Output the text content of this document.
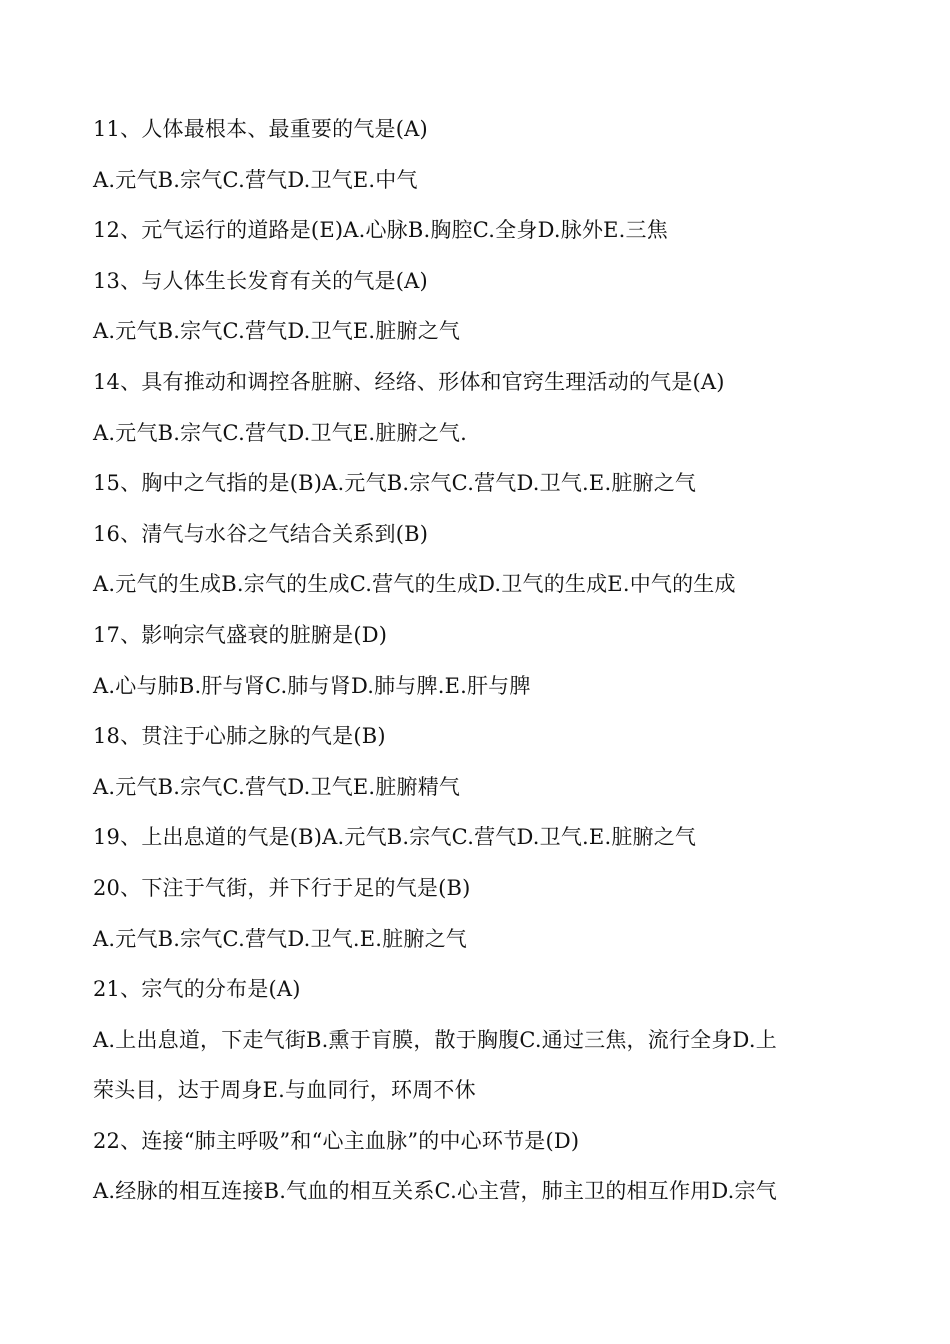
11、人体最根本、最重要的气是(A)
A.元气B.宗气C.营气D.卫气E.中气
12、元气运行的道路是(E)A.心脉B.胸腔C.全身D.脉外E.三焦
13、与人体生长发育有关的气是(A)
A.元气B.宗气C.营气D.卫气E.脏腑之气
14、具有推动和调控各脏腑、经络、形体和官窍生理活动的气是(A)
A.元气B.宗气C.营气D.卫气E.脏腑之气.
15、胸中之气指的是(B)A.元气B.宗气C.营气D.卫气.E.脏腑之气
16、清气与水谷之气结合关系到(B)
A.元气的生成B.宗气的生成C.营气的生成D.卫气的生成E.中气的生成
17、影响宗气盛衰的脏腑是(D)
A.心与肺B.肝与肾C.肺与肾D.肺与脾.E.肝与脾
18、贯注于心肺之脉的气是(B)
A.元气B.宗气C.营气D.卫气E.脏腑精气
19、上出息道的气是(B)A.元气B.宗气C.营气D.卫气.E.脏腑之气
20、下注于气街，并下行于足的气是(B)
A.元气B.宗气C.营气D.卫气.E.脏腑之气
21、宗气的分布是(A)
A.上出息道，下走气街B.熏于肓膜，散于胸腹C.通过三焦，流行全身D.上
荣头目，达于周身E.与血同行，环周不休
22、连接“肺主呼吸”和“心主血脉”的中心环节是(D)
A.经脉的相互连接B.气血的相互关系C.心主营，肺主卫的相互作用D.宗气
